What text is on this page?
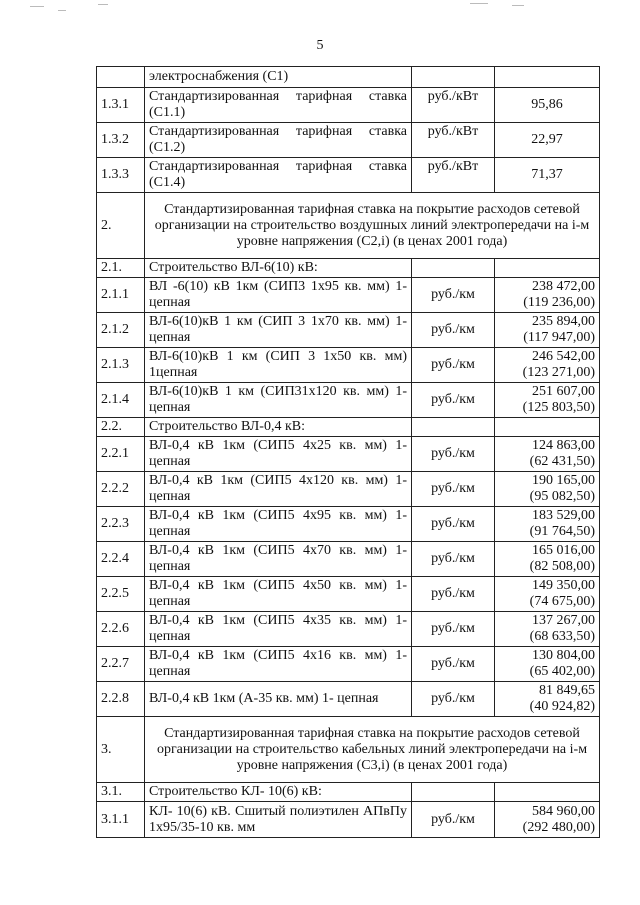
5
	электроснабжения (С1)		
1.3.1	Стандартизированная тарифная ставка (С1.1)	руб./кВт	95,86
1.3.2	Стандартизированная тарифная ставка (С1.2)	руб./кВт	22,97
1.3.3	Стандартизированная тарифная ставка (С1.4)	руб./кВт	71,37
2.	Стандартизированная тарифная ставка на покрытие расходов сетевой организации на строительство воздушных линий электропередачи на i-м уровне напряжения (С2,i) (в ценах 2001 года)		
2.1.	Строительство ВЛ-6(10) кВ:		
2.1.1	ВЛ -6(10) кВ 1км (СИП3 1х95 кв. мм) 1-цепная	руб./км	238 472,00
(119 236,00)

2.1.2	ВЛ-6(10)кВ 1 км (СИП 3 1х70 кв. мм) 1-цепная	руб./км	235 894,00
(117 947,00)

2.1.3	ВЛ-6(10)кВ 1 км (СИП 3 1х50 кв. мм) 1цепная	руб./км	246 542,00
(123 271,00)

2.1.4	ВЛ-6(10)кВ 1 км (СИП31х120 кв. мм) 1-цепная	руб./км	251 607,00
(125 803,50)

2.2.	Строительство ВЛ-0,4 кВ:		
2.2.1	ВЛ-0,4 кВ 1км (СИП5 4х25 кв. мм) 1-цепная	руб./км	124 863,00
(62 431,50)

2.2.2	ВЛ-0,4 кВ 1км (СИП5 4х120 кв. мм) 1-цепная	руб./км	190 165,00
(95 082,50)

2.2.3	ВЛ-0,4 кВ 1км (СИП5 4х95 кв. мм) 1-цепная	руб./км	183 529,00
(91 764,50)

2.2.4	ВЛ-0,4 кВ 1км (СИП5 4х70 кв. мм) 1-цепная	руб./км	165 016,00
(82 508,00)

2.2.5	ВЛ-0,4 кВ 1км (СИП5 4х50 кв. мм) 1-цепная	руб./км	149 350,00
(74 675,00)

2.2.6	ВЛ-0,4 кВ 1км (СИП5 4х35 кв. мм) 1-цепная	руб./км	137 267,00
(68 633,50)

2.2.7	ВЛ-0,4 кВ 1км (СИП5 4х16 кв. мм) 1-цепная	руб./км	130 804,00
(65 402,00)

2.2.8	ВЛ-0,4 кВ 1км (А-35 кв. мм) 1- цепная	руб./км	81 849,65
(40 924,82)

3.	Стандартизированная тарифная ставка на покрытие расходов сетевой организации на строительство кабельных линий электропередачи на i-м уровне напряжения (С3,i) (в ценах 2001 года)		
3.1.	Строительство КЛ- 10(6) кВ:		
3.1.1	КЛ- 10(6) кВ. Сшитый полиэтилен АПвПу 1х95/35-10 кв. мм	руб./км	584 960,00
(292 480,00)
